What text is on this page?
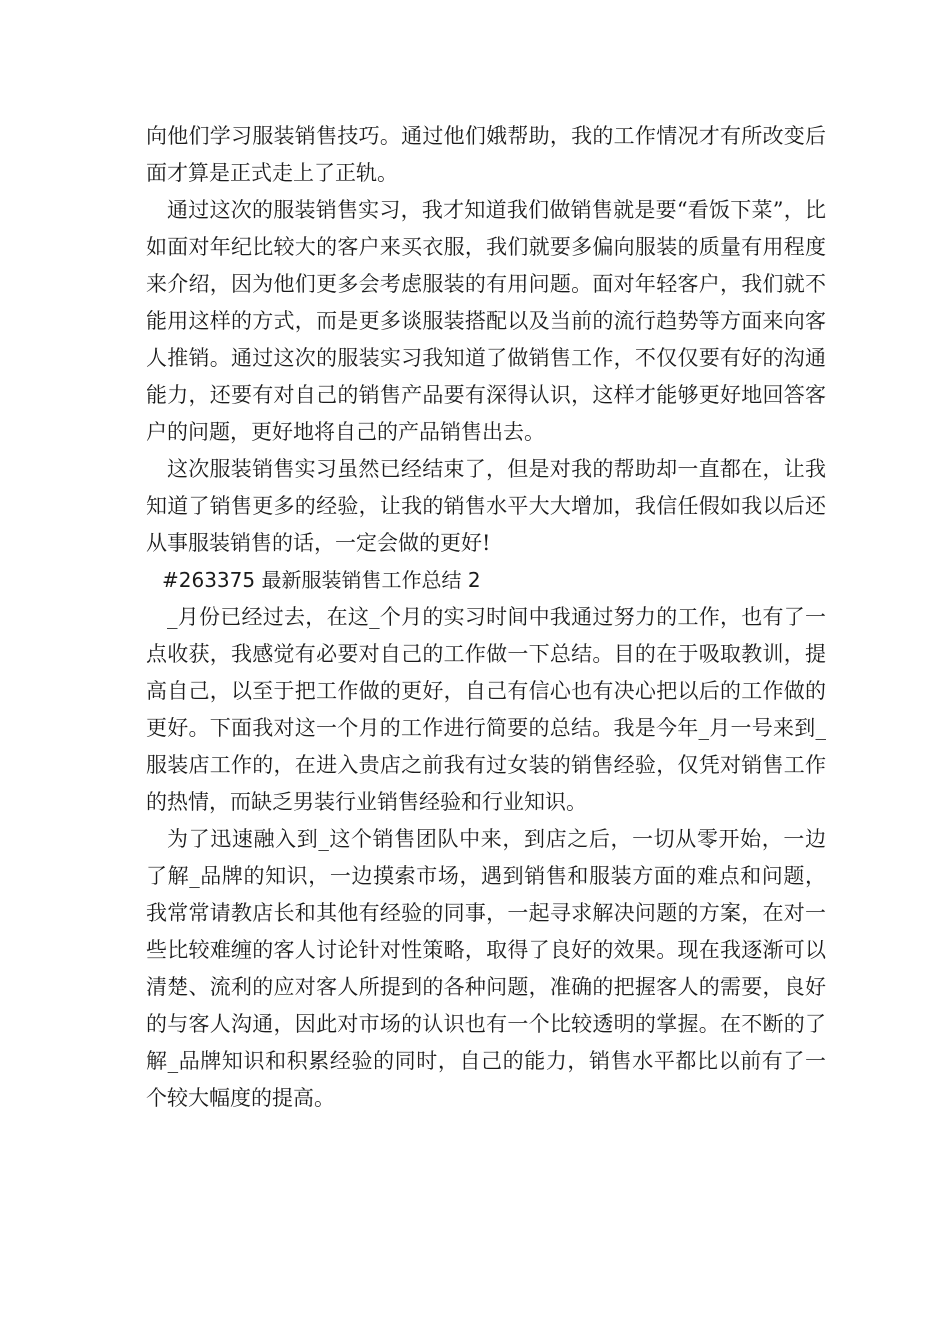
向他们学习服装销售技巧。通过他们娥帮助，我的工作情况才有所改变后面才算是正式走上了正轨。

通过这次的服装销售实习，我才知道我们做销售就是要“看饭下菜”，比如面对年纪比较大的客户来买衣服，我们就要多偏向服装的质量有用程度来介绍，因为他们更多会考虑服装的有用问题。面对年轻客户，我们就不能用这样的方式，而是更多谈服装搭配以及当前的流行趋势等方面来向客人推销。通过这次的服装实习我知道了做销售工作，不仅仅要有好的沟通能力，还要有对自己的销售产品要有深得认识，这样才能够更好地回答客户的问题，更好地将自己的产品销售出去。

这次服装销售实习虽然已经结束了，但是对我的帮助却一直都在，让我知道了销售更多的经验，让我的销售水平大大增加，我信任假如我以后还从事服装销售的话，一定会做的更好!

#263375 最新服装销售工作总结 2

_月份已经过去，在这_个月的实习时间中我通过努力的工作，也有了一点收获，我感觉有必要对自己的工作做一下总结。目的在于吸取教训，提高自己，以至于把工作做的更好，自己有信心也有决心把以后的工作做的更好。下面我对这一个月的工作进行简要的总结。我是今年_月一号来到_服装店工作的，在进入贵店之前我有过女装的销售经验，仅凭对销售工作的热情，而缺乏男装行业销售经验和行业知识。

为了迅速融入到_这个销售团队中来，到店之后，一切从零开始，一边了解_品牌的知识，一边摸索市场，遇到销售和服装方面的难点和问题，我常常请教店长和其他有经验的同事，一起寻求解决问题的方案，在对一些比较难缠的客人讨论针对性策略，取得了良好的效果。现在我逐渐可以清楚、流利的应对客人所提到的各种问题，准确的把握客人的需要，良好的与客人沟通，因此对市场的认识也有一个比较透明的掌握。在不断的了解_品牌知识和积累经验的同时，自己的能力，销售水平都比以前有了一个较大幅度的提高。
